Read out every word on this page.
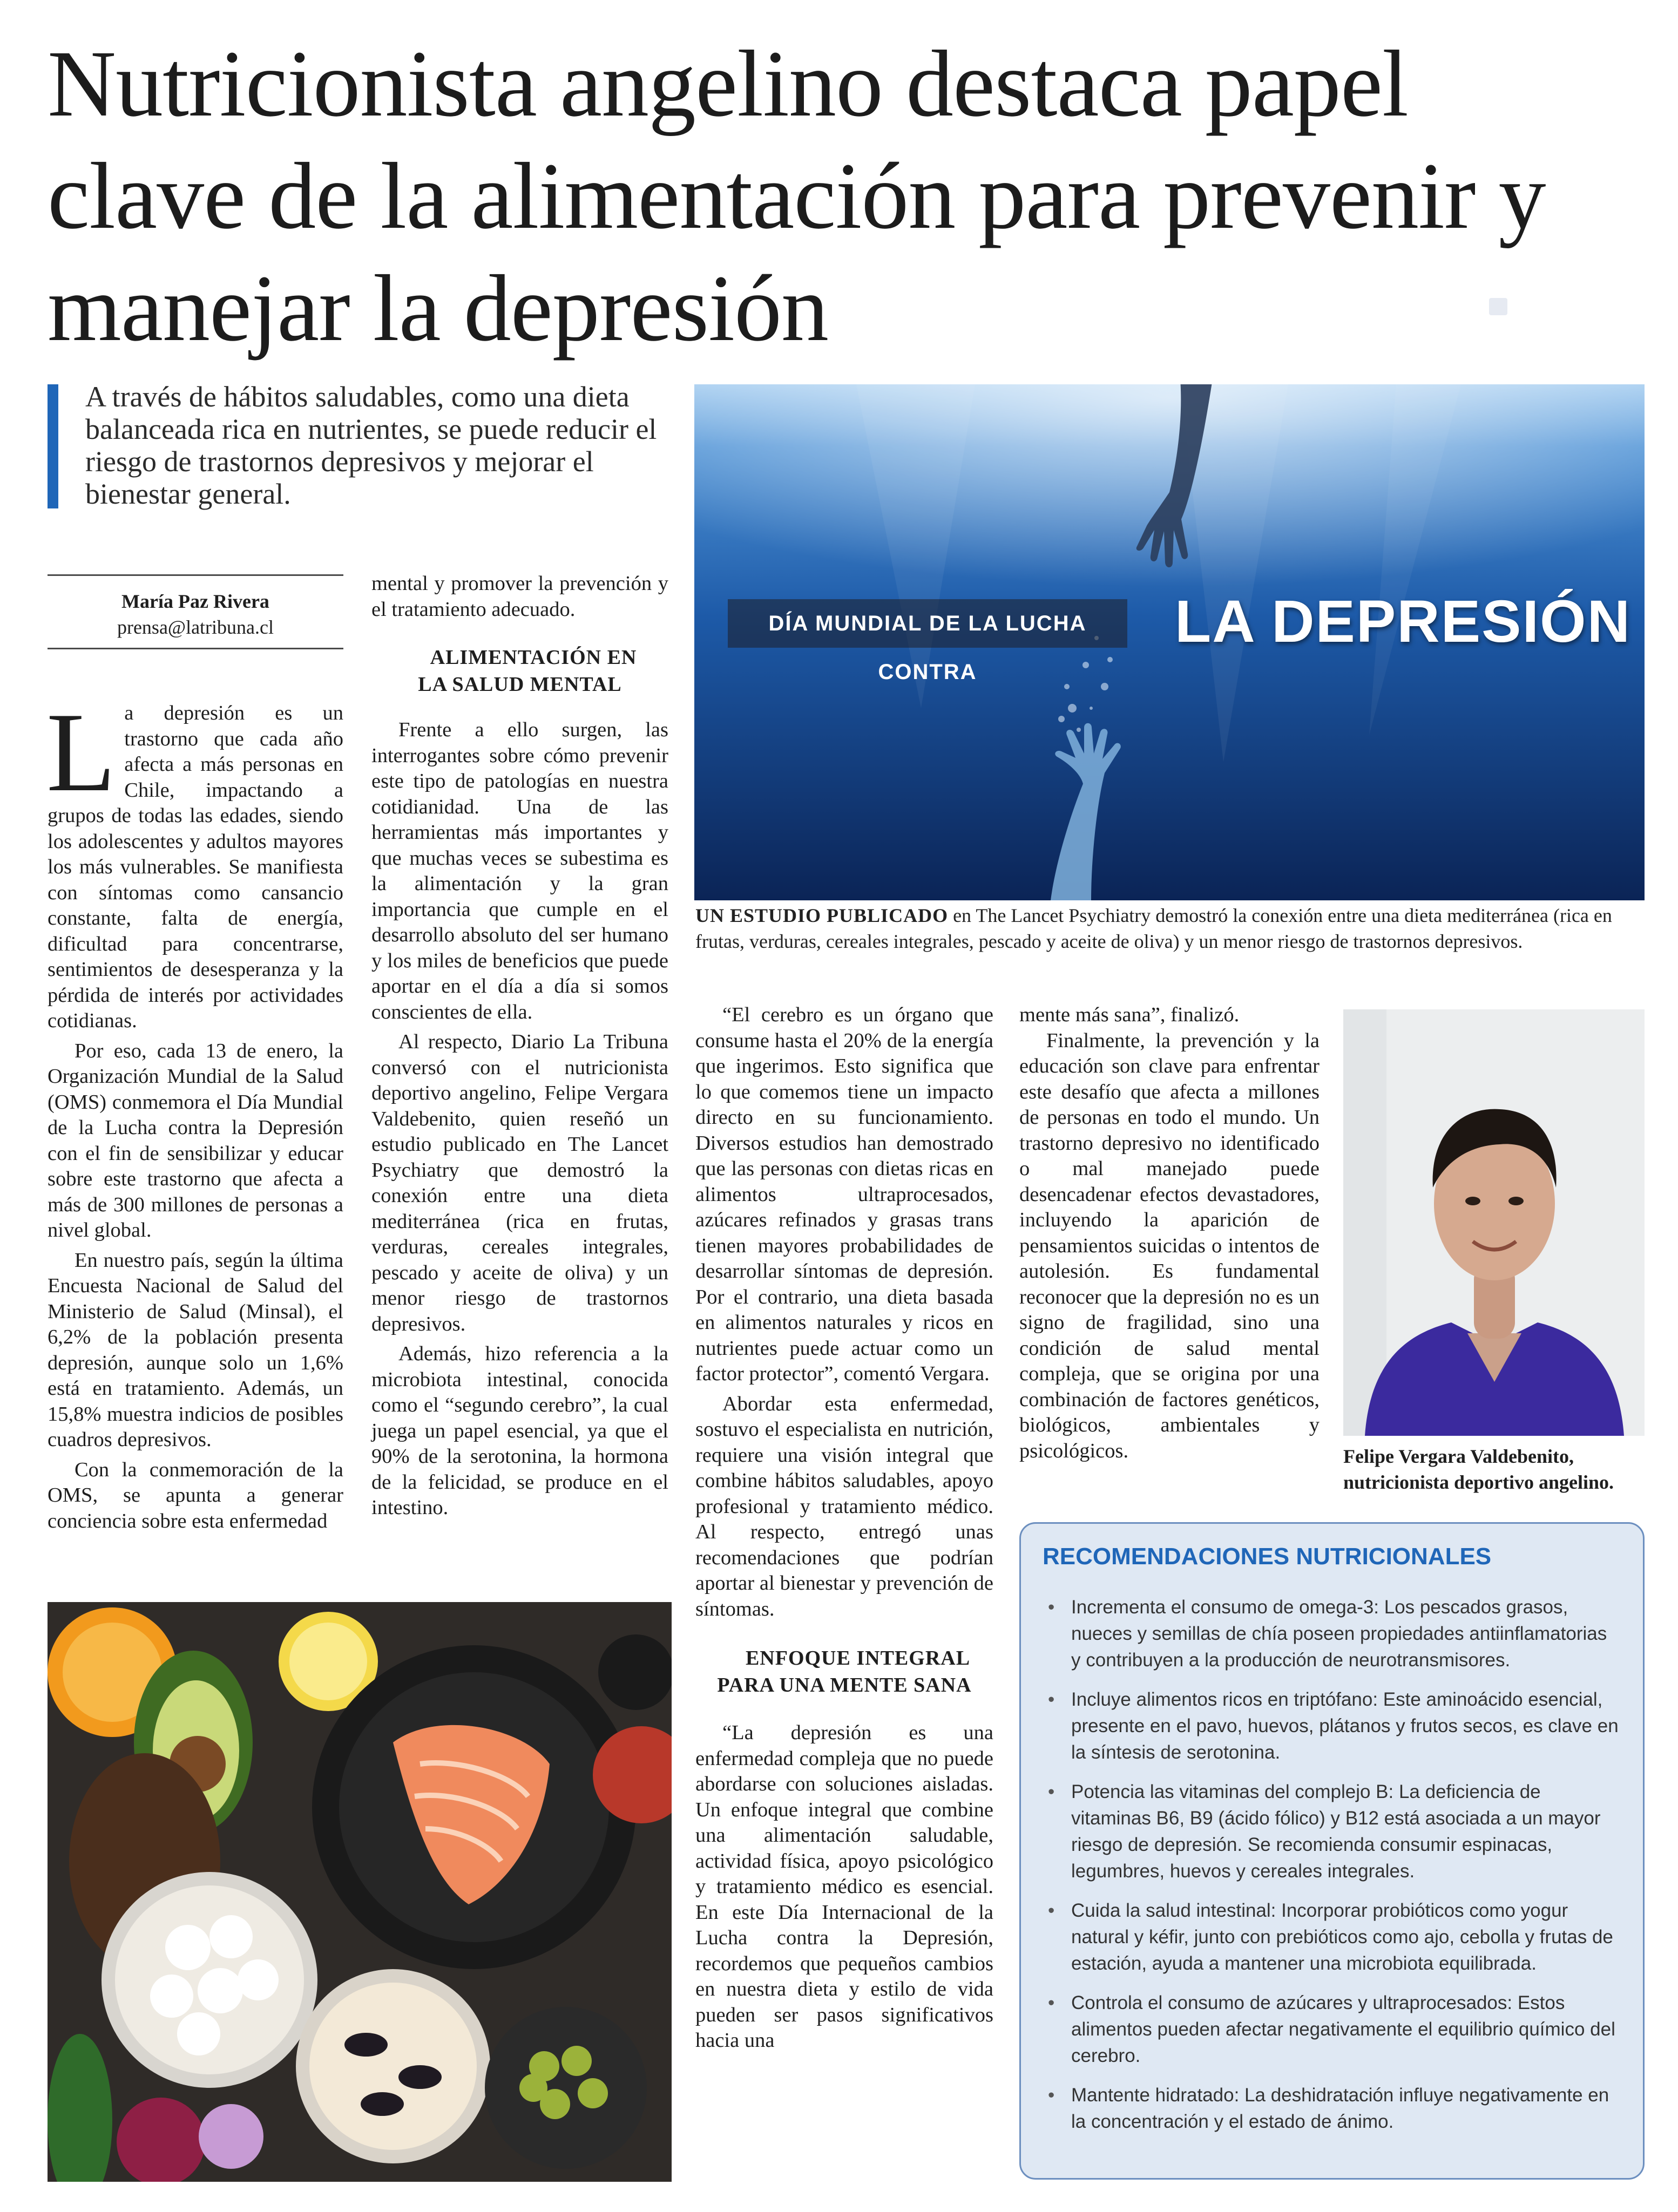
Nutricionista angelino destaca papel clave de la alimentación para prevenir y manejar la depresión

A través de hábitos saludables, como una dieta balanceada rica en nutrientes, se puede reducir el riesgo de trastornos depresivos y mejorar el bienestar general.

María Paz Rivera
prensa@latribuna.cl

La depresión es un trastorno que cada año afecta a más personas en Chile, impactando a grupos de todas las edades, siendo los adolescentes y adultos mayores los más vulnerables. Se manifiesta con síntomas como cansancio constante, falta de energía, dificultad para concentrarse, sentimientos de desesperanza y la pérdida de interés por actividades cotidianas.

Por eso, cada 13 de enero, la Organización Mundial de la Salud (OMS) conmemora el Día Mundial de la Lucha contra la Depresión con el fin de sensibilizar y educar sobre este trastorno que afecta a más de 300 millones de personas a nivel global.

En nuestro país, según la última Encuesta Nacional de Salud del Ministerio de Salud (Minsal), el 6,2% de la población presenta depresión, aunque solo un 1,6% está en tratamiento. Además, un 15,8% muestra indicios de posibles cuadros depresivos.

Con la conmemoración de la OMS, se apunta a generar conciencia sobre esta enfermedad

mental y promover la prevención y el tratamiento adecuado.

ALIMENTACIÓN EN LA SALUD MENTAL

Frente a ello surgen, las interrogantes sobre cómo prevenir este tipo de patologías en nuestra cotidianidad. Una de las herramientas más importantes y que muchas veces se subestima es la alimentación y la gran importancia que cumple en el desarrollo absoluto del ser humano y los miles de beneficios que puede aportar en el día a día si somos conscientes de ella.

Al respecto, Diario La Tribuna conversó con el nutricionista deportivo angelino, Felipe Vergara Valdebenito, quien reseñó un estudio publicado en The Lancet Psychiatry que demostró la conexión entre una dieta mediterránea (rica en frutas, verduras, cereales integrales, pescado y aceite de oliva) y un menor riesgo de trastornos depresivos.

Además, hizo referencia a la microbiota intestinal, conocida como el “segundo cerebro”, la cual juega un papel esencial, ya que el 90% de la serotonina, la hormona de la felicidad, se produce en el intestino.

DÍA MUNDIAL DE LA LUCHA CONTRA
LA DEPRESIÓN

UN ESTUDIO PUBLICADO en The Lancet Psychiatry demostró la conexión entre una dieta mediterránea (rica en frutas, verduras, cereales integrales, pescado y aceite de oliva) y un menor riesgo de trastornos depresivos.

“El cerebro es un órgano que consume hasta el 20% de la energía que ingerimos. Esto significa que lo que comemos tiene un impacto directo en su funcionamiento. Diversos estudios han demostrado que las personas con dietas ricas en alimentos ultraprocesados, azúcares refinados y grasas trans tienen mayores probabilidades de desarrollar síntomas de depresión. Por el contrario, una dieta basada en alimentos naturales y ricos en nutrientes puede actuar como un factor protector”, comentó Vergara.

Abordar esta enfermedad, sostuvo el especialista en nutrición, requiere una visión integral que combine hábitos saludables, apoyo profesional y tratamiento médico. Al respecto, entregó unas recomendaciones que podrían aportar al bienestar y prevención de síntomas.

ENFOQUE INTEGRAL PARA UNA MENTE SANA

“La depresión es una enfermedad compleja que no puede abordarse con soluciones aisladas. Un enfoque integral que combine una alimentación saludable, actividad física, apoyo psicológico y tratamiento médico es esencial. En este Día Internacional de la Lucha contra la Depresión, recordemos que pequeños cambios en nuestra dieta y estilo de vida pueden ser pasos significativos hacia una

mente más sana”, finalizó.

Finalmente, la prevención y la educación son clave para enfrentar este desafío que afecta a millones de personas en todo el mundo. Un trastorno depresivo no identificado o mal manejado puede desencadenar efectos devastadores, incluyendo la aparición de pensamientos suicidas o intentos de autolesión. Es fundamental reconocer que la depresión no es un signo de fragilidad, sino una condición de salud mental compleja, que se origina por una combinación de factores genéticos, biológicos, ambientales y psicológicos.	Felipe Vergara Valdebenito,

nutricionista deportivo angelino.

RECOMENDACIONES NUTRICIONALES
• Incrementa el consumo de omega-3: Los pescados grasos, nueces y semillas de chía poseen propiedades antiinflamatorias y contribuyen a la producción de neurotransmisores.
• Incluye alimentos ricos en triptófano: Este aminoácido esencial, presente en el pavo, huevos, plátanos y frutos secos, es clave en la síntesis de serotonina.
• Potencia las vitaminas del complejo B: La deficiencia de vitaminas B6, B9 (ácido fólico) y B12 está asociada a un mayor riesgo de depresión. Se recomienda consumir espinacas, legumbres, huevos y cereales integrales.
• Cuida la salud intestinal: Incorporar probióticos como yogur natural y kéfir, junto con prebióticos como ajo, cebolla y frutas de estación, ayuda a mantener una microbiota equilibrada.
• Controla el consumo de azúcares y ultraprocesados: Estos alimentos pueden afectar negativamente el equilibrio químico del cerebro.
• Mantente hidratado: La deshidratación influye negativamente en la concentración y el estado de ánimo.
